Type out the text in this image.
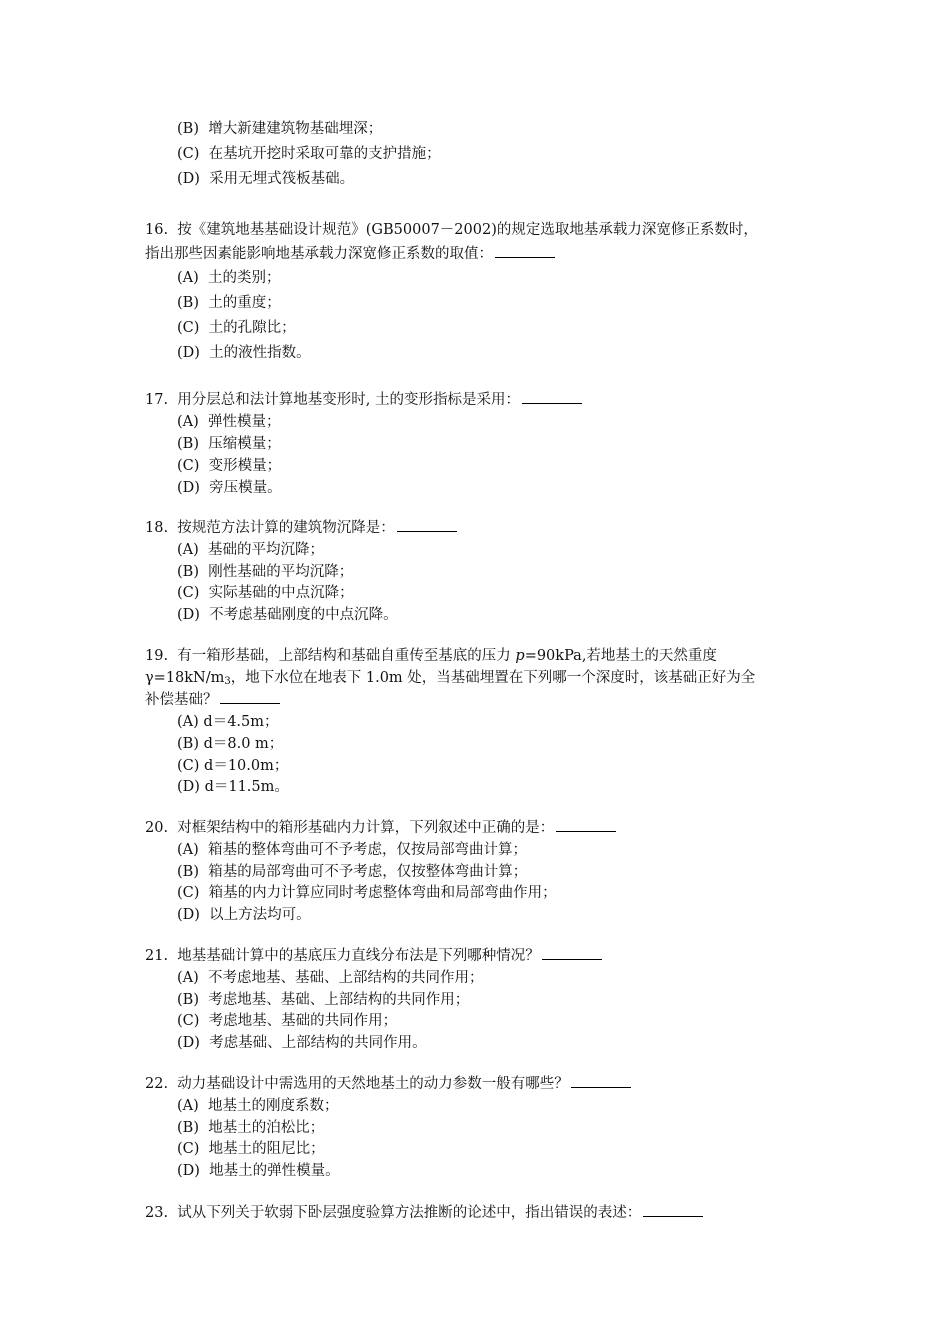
(B) 增大新建建筑物基础埋深；
(C) 在基坑开挖时采取可靠的支护措施；
(D) 采用无埋式筏板基础。
16. 按《建筑地基基础设计规范》(GB50007－2002)的规定选取地基承载力深宽修正系数时，
指出那些因素能影响地基承载力深宽修正系数的取值：
(A) 土的类别；
(B) 土的重度；
(C) 土的孔隙比；
(D) 土的液性指数。
17. 用分层总和法计算地基变形时, 土的变形指标是采用：
(A) 弹性模量；
(B) 压缩模量；
(C) 变形模量；
(D) 旁压模量。
18. 按规范方法计算的建筑物沉降是：
(A) 基础的平均沉降；
(B) 刚性基础的平均沉降；
(C) 实际基础的中点沉降；
(D) 不考虑基础刚度的中点沉降。
19. 有一箱形基础，上部结构和基础自重传至基底的压力 p=90kPa,若地基土的天然重度
$\gamma=18kN/m_3$，地下水位在地表下 1.0m 处，当基础埋置在下列哪一个深度时，该基础正好为全
补偿基础？
(A) d＝4.5m；
(B) d＝8.0 m；
(C) d＝10.0m；
(D) d＝11.5m。
20. 对框架结构中的箱形基础内力计算，下列叙述中正确的是：
(A) 箱基的整体弯曲可不予考虑，仅按局部弯曲计算；
(B) 箱基的局部弯曲可不予考虑，仅按整体弯曲计算；
(C) 箱基的内力计算应同时考虑整体弯曲和局部弯曲作用；
(D) 以上方法均可。
21. 地基基础计算中的基底压力直线分布法是下列哪种情况？
(A) 不考虑地基、基础、上部结构的共同作用；
(B) 考虑地基、基础、上部结构的共同作用；
(C) 考虑地基、基础的共同作用；
(D) 考虑基础、上部结构的共同作用。
22. 动力基础设计中需选用的天然地基土的动力参数一般有哪些？
(A) 地基土的刚度系数；
(B) 地基土的泊松比；
(C) 地基土的阻尼比；
(D) 地基土的弹性模量。
23. 试从下列关于软弱下卧层强度验算方法推断的论述中，指出错误的表述：
